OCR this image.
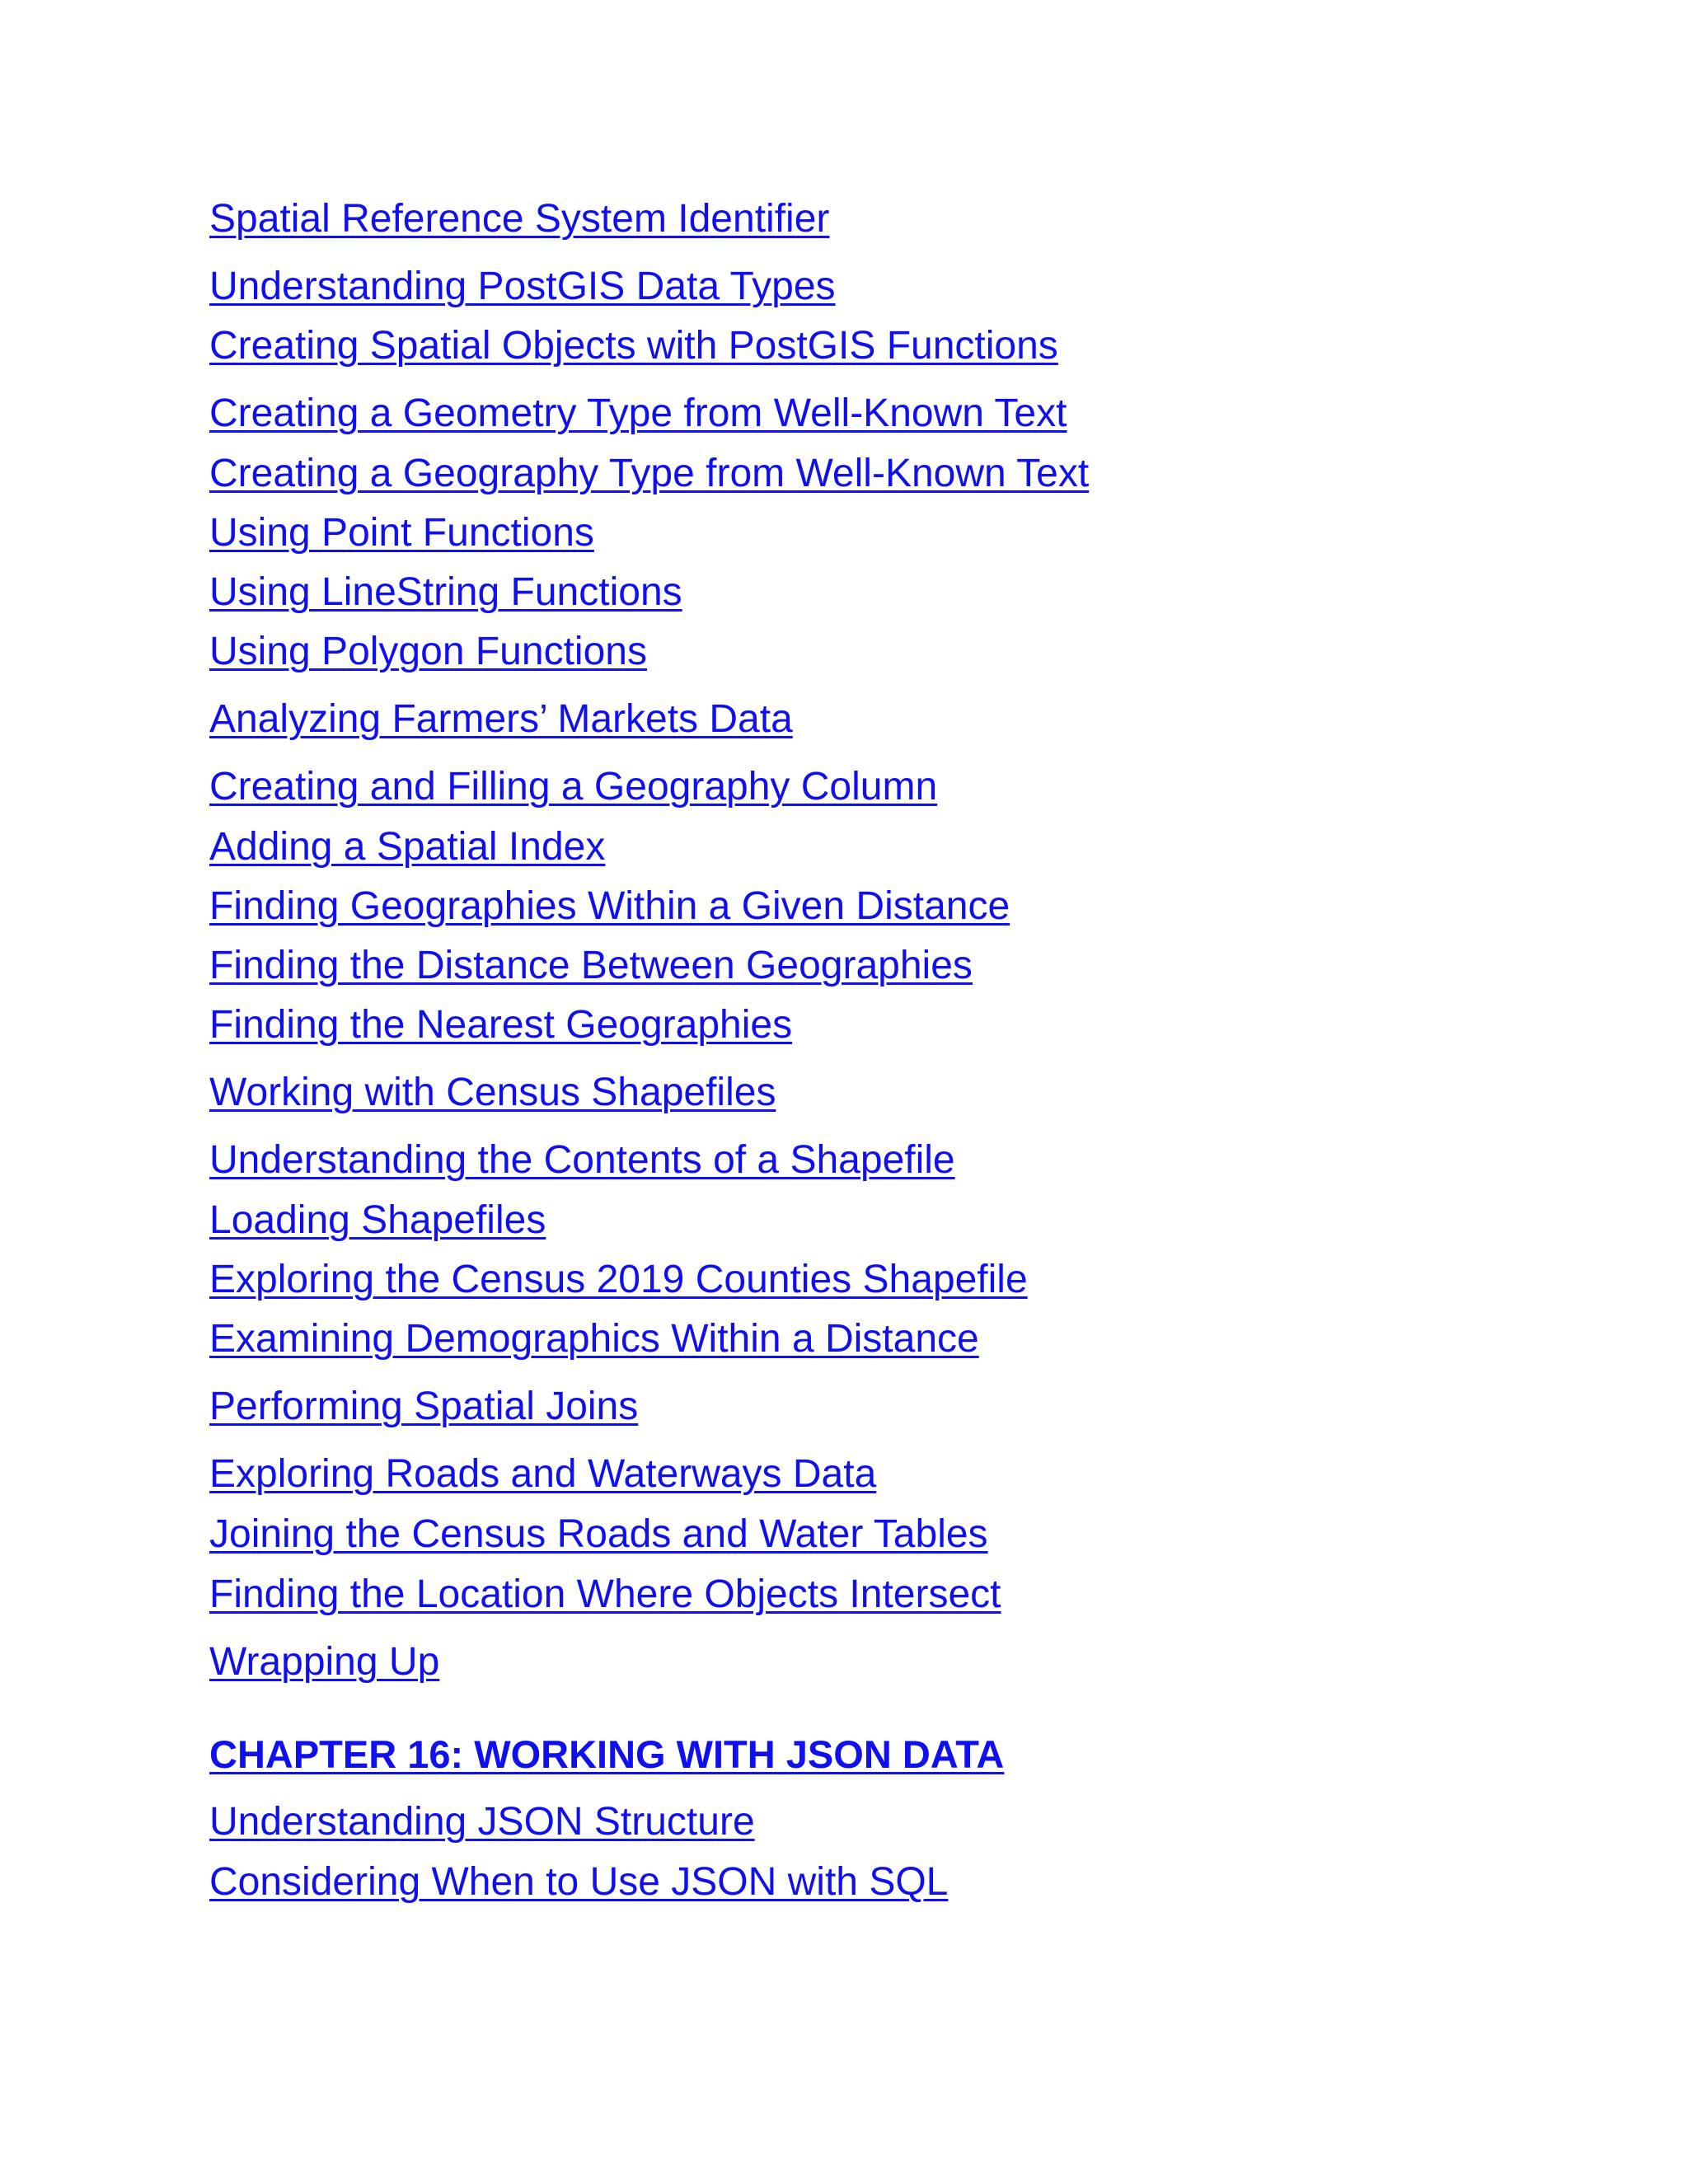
Spatial Reference System Identifier
Understanding PostGIS Data Types
Creating Spatial Objects with PostGIS Functions
Creating a Geometry Type from Well-Known Text
Creating a Geography Type from Well-Known Text
Using Point Functions
Using LineString Functions
Using Polygon Functions
Analyzing Farmers’ Markets Data
Creating and Filling a Geography Column
Adding a Spatial Index
Finding Geographies Within a Given Distance
Finding the Distance Between Geographies
Finding the Nearest Geographies
Working with Census Shapefiles
Understanding the Contents of a Shapefile
Loading Shapefiles
Exploring the Census 2019 Counties Shapefile
Examining Demographics Within a Distance
Performing Spatial Joins
Exploring Roads and Waterways Data
Joining the Census Roads and Water Tables
Finding the Location Where Objects Intersect
Wrapping Up
CHAPTER 16: WORKING WITH JSON DATA
Understanding JSON Structure
Considering When to Use JSON with SQL
